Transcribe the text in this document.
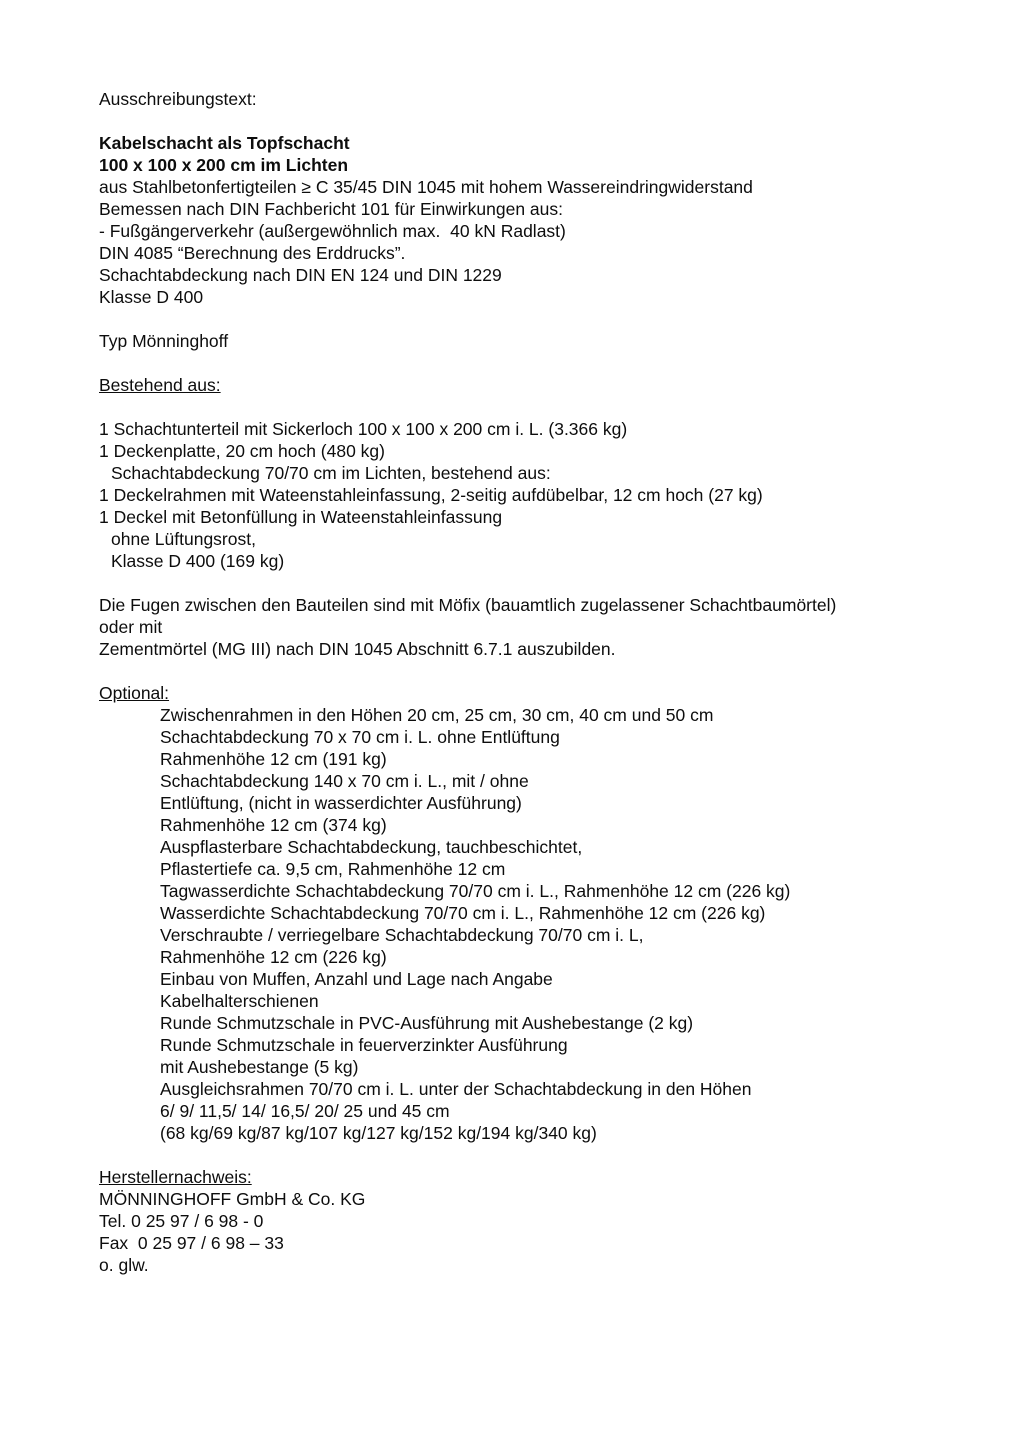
Ausschreibungstext:
Kabelschacht als Topfschacht
100 x 100 x 200 cm im Lichten
aus Stahlbetonfertigteilen ≥ C 35/45 DIN 1045 mit hohem Wassereindringwiderstand
Bemessen nach DIN Fachbericht 101 für Einwirkungen aus:
- Fußgängerverkehr (außergewöhnlich max.  40 kN Radlast)
DIN 4085 “Berechnung des Erddrucks”.
Schachtabdeckung nach DIN EN 124 und DIN 1229
Klasse D 400
Typ Mönninghoff
Bestehend aus:
1 Schachtunterteil mit Sickerloch 100 x 100 x 200 cm i. L. (3.366 kg)
1 Deckenplatte, 20 cm hoch (480 kg)
Schachtabdeckung 70/70 cm im Lichten, bestehend aus:
1 Deckelrahmen mit Wateenstahleinfassung, 2-seitig aufdübelbar, 12 cm hoch (27 kg)
1 Deckel mit Betonfüllung in Wateenstahleinfassung
ohne Lüftungsrost,
Klasse D 400 (169 kg)
Die Fugen zwischen den Bauteilen sind mit Möfix (bauamtlich zugelassener Schachtbaumörtel)
oder mit
Zementmörtel (MG III) nach DIN 1045 Abschnitt 6.7.1 auszubilden.
Optional:
Zwischenrahmen in den Höhen 20 cm, 25 cm, 30 cm, 40 cm und 50 cm
Schachtabdeckung 70 x 70 cm i. L. ohne Entlüftung
Rahmenhöhe 12 cm (191 kg)
Schachtabdeckung 140 x 70 cm i. L., mit / ohne
Entlüftung, (nicht in wasserdichter Ausführung)
Rahmenhöhe 12 cm (374 kg)
Auspflasterbare Schachtabdeckung, tauchbeschichtet,
Pflastertiefe ca. 9,5 cm, Rahmenhöhe 12 cm
Tagwasserdichte Schachtabdeckung 70/70 cm i. L., Rahmenhöhe 12 cm (226 kg)
Wasserdichte Schachtabdeckung 70/70 cm i. L., Rahmenhöhe 12 cm (226 kg)
Verschraubte / verriegelbare Schachtabdeckung 70/70 cm i. L,
Rahmenhöhe 12 cm (226 kg)
Einbau von Muffen, Anzahl und Lage nach Angabe
Kabelhalterschienen
Runde Schmutzschale in PVC-Ausführung mit Aushebestange (2 kg)
Runde Schmutzschale in feuerverzinkter Ausführung
mit Aushebestange (5 kg)
Ausgleichsrahmen 70/70 cm i. L. unter der Schachtabdeckung in den Höhen
6/ 9/ 11,5/ 14/ 16,5/ 20/ 25 und 45 cm
(68 kg/69 kg/87 kg/107 kg/127 kg/152 kg/194 kg/340 kg)
Herstellernachweis:
MÖNNINGHOFF GmbH & Co. KG
Tel. 0 25 97 / 6 98 - 0
Fax  0 25 97 / 6 98 – 33
o. glw.
